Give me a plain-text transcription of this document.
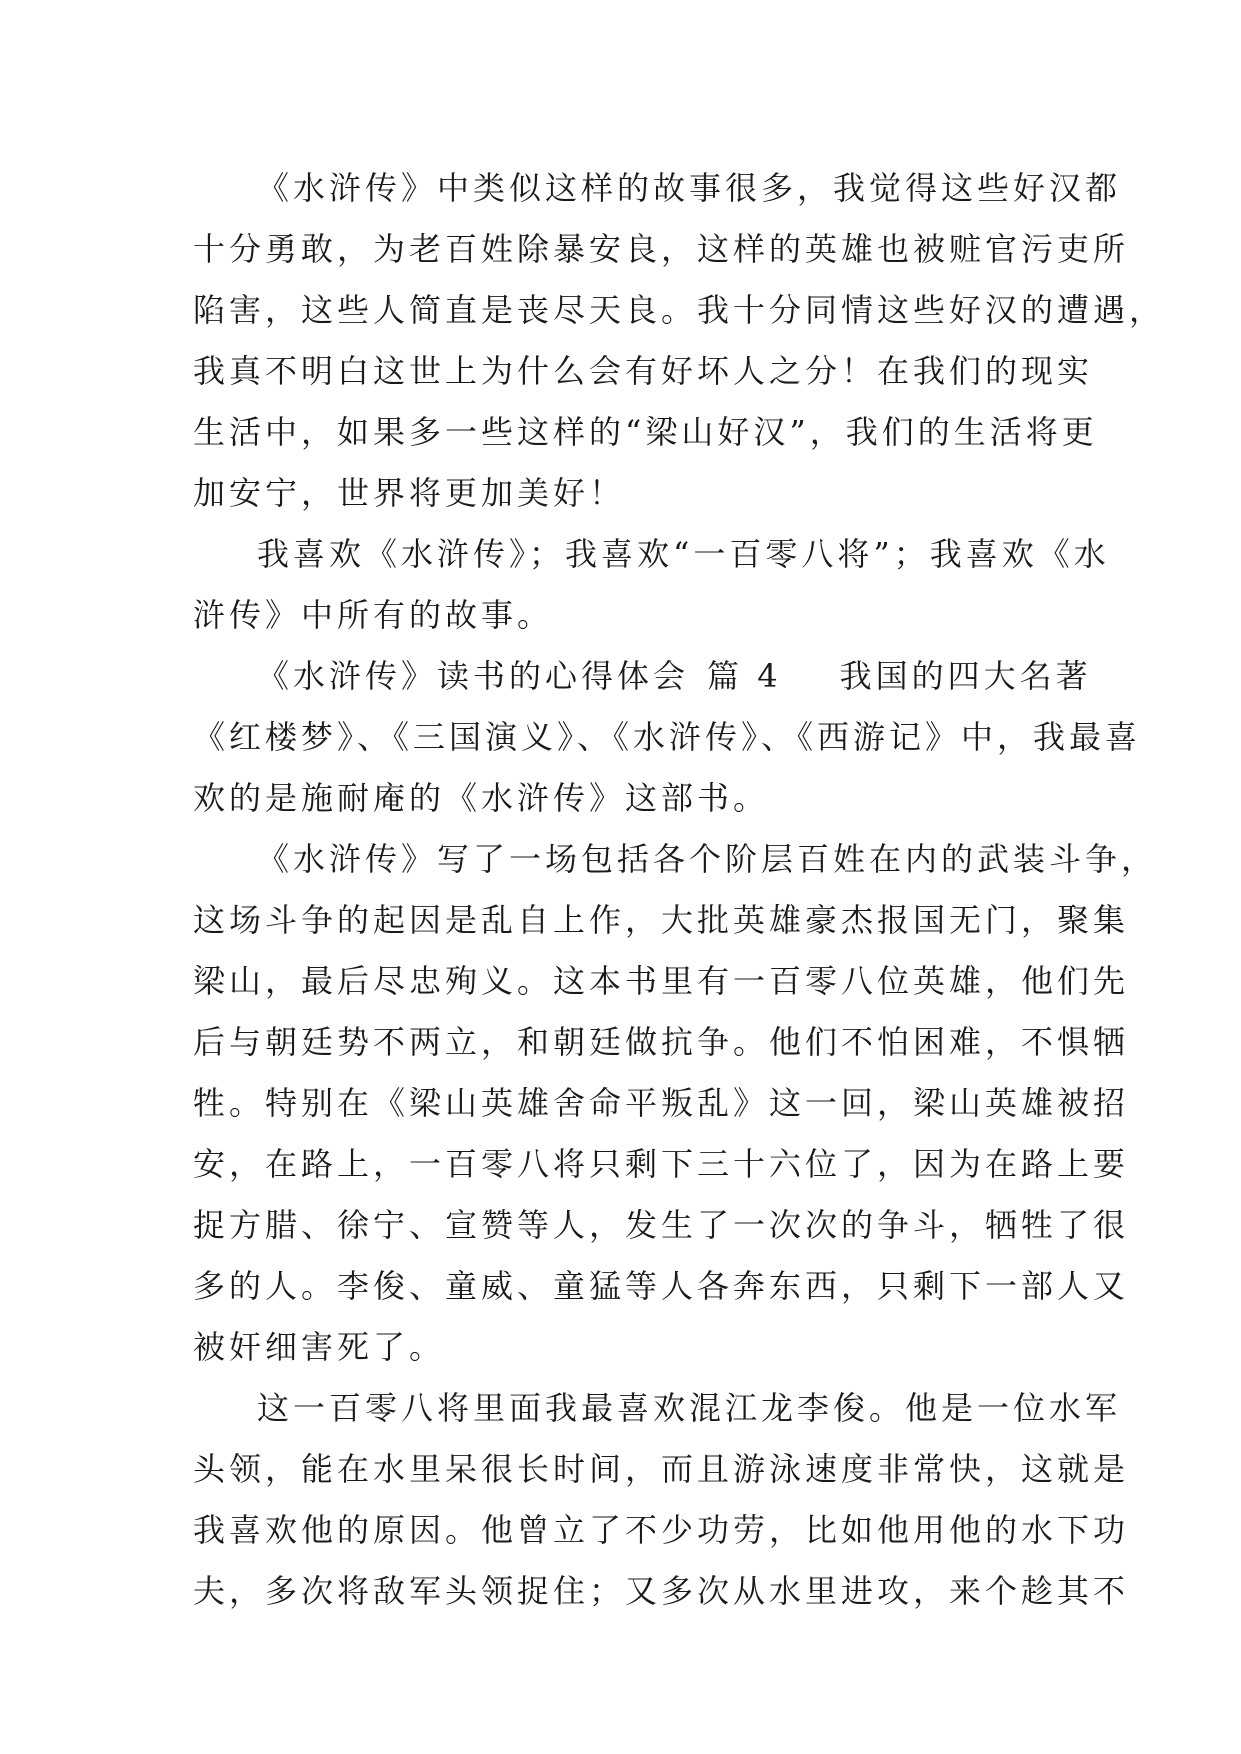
《水浒传》中类似这样的故事很多，我觉得这些好汉都
十分勇敢，为老百姓除暴安良，这样的英雄也被赃官污吏所
陷害，这些人简直是丧尽天良。我十分同情这些好汉的遭遇，
我真不明白这世上为什么会有好坏人之分！在我们的现实
生活中，如果多一些这样的“梁山好汉”，我们的生活将更
加安宁，世界将更加美好！
我喜欢《水浒传》；我喜欢“一百零八将”；我喜欢《水
浒传》中所有的故事。
《水浒传》读书的心得体会 篇 4 我国的四大名著
《红楼梦》、《三国演义》、《水浒传》、《西游记》中，我最喜
欢的是施耐庵的《水浒传》这部书。
《水浒传》写了一场包括各个阶层百姓在内的武装斗争，
这场斗争的起因是乱自上作，大批英雄豪杰报国无门，聚集
梁山，最后尽忠殉义。这本书里有一百零八位英雄，他们先
后与朝廷势不两立，和朝廷做抗争。他们不怕困难，不惧牺
牲。特别在《梁山英雄舍命平叛乱》这一回，梁山英雄被招
安，在路上，一百零八将只剩下三十六位了，因为在路上要
捉方腊、徐宁、宣赞等人，发生了一次次的争斗，牺牲了很
多的人。李俊、童威、童猛等人各奔东西，只剩下一部人又
被奸细害死了。
这一百零八将里面我最喜欢混江龙李俊。他是一位水军
头领，能在水里呆很长时间，而且游泳速度非常快，这就是
我喜欢他的原因。他曾立了不少功劳，比如他用他的水下功
夫，多次将敌军头领捉住；又多次从水里进攻，来个趁其不
